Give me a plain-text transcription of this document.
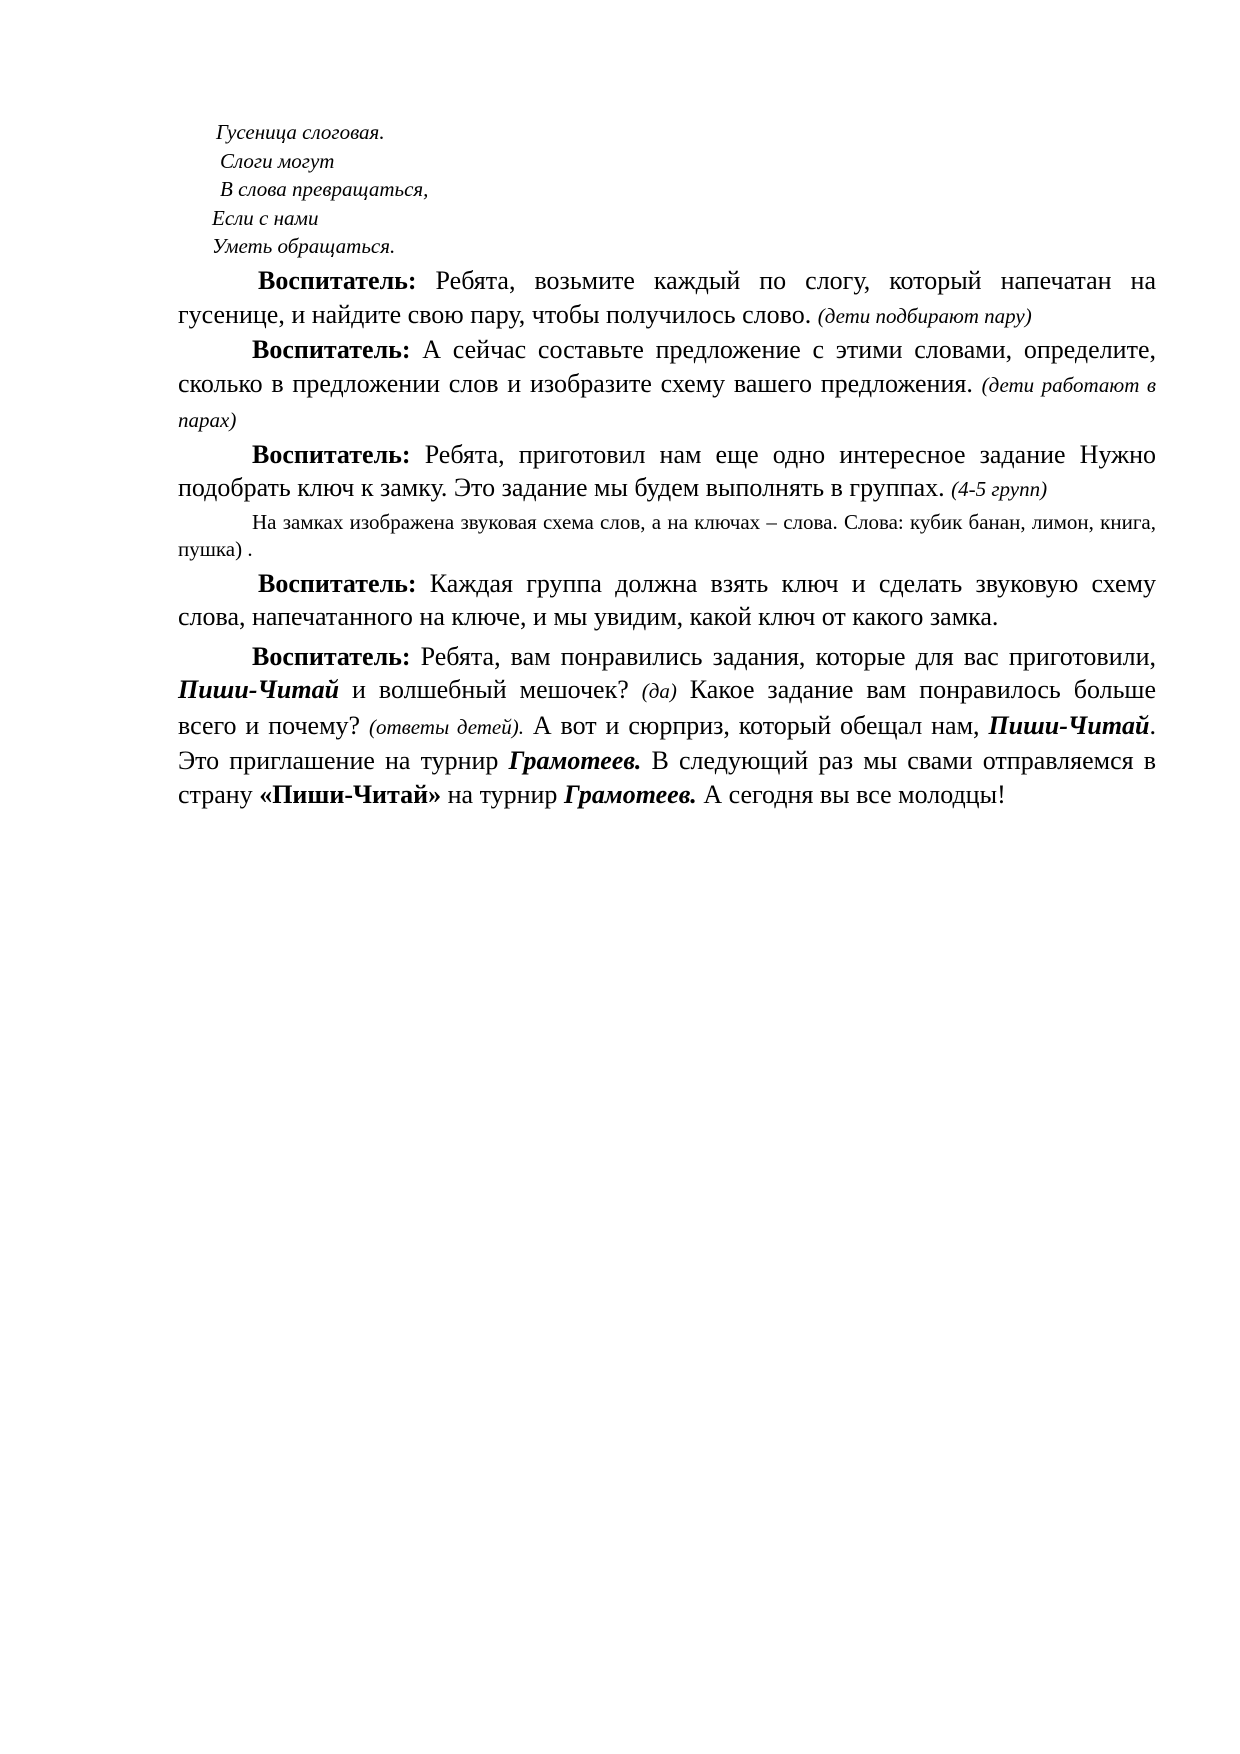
Гусеница слоговая.
Слоги могут
В слова превращаться,
Если с нами
Уметь обращаться.

Воспитатель: Ребята, возьмите каждый по слогу, который напечатан на гусенице, и найдите свою пару, чтобы получилось слово. (дети подбирают пару)

Воспитатель: А сейчас составьте предложение с этими словами, определите, сколько в предложении слов и изобразите схему вашего предложения. (дети работают в парах)

Воспитатель: Ребята, приготовил нам еще одно интересное задание Нужно подобрать ключ к замку. Это задание мы будем выполнять в группах. (4-5 групп)

На замках изображена звуковая схема слов, а на ключах – слова. Слова: кубик банан, лимон, книга, пушка) .

Воспитатель: Каждая группа должна взять ключ и сделать звуковую схему слова, напечатанного на ключе, и мы увидим, какой ключ от какого замка.

Воспитатель: Ребята, вам понравились задания, которые для вас приготовили, Пиши-Читай и волшебный мешочек? (да) Какое задание вам понравилось больше всего и почему? (ответы детей). А вот и сюрприз, который обещал нам, Пиши-Читай. Это приглашение на турнир Грамотеев. В следующий раз мы свами отправляемся в страну «Пиши-Читай» на турнир Грамотеев. А сегодня вы все молодцы!
